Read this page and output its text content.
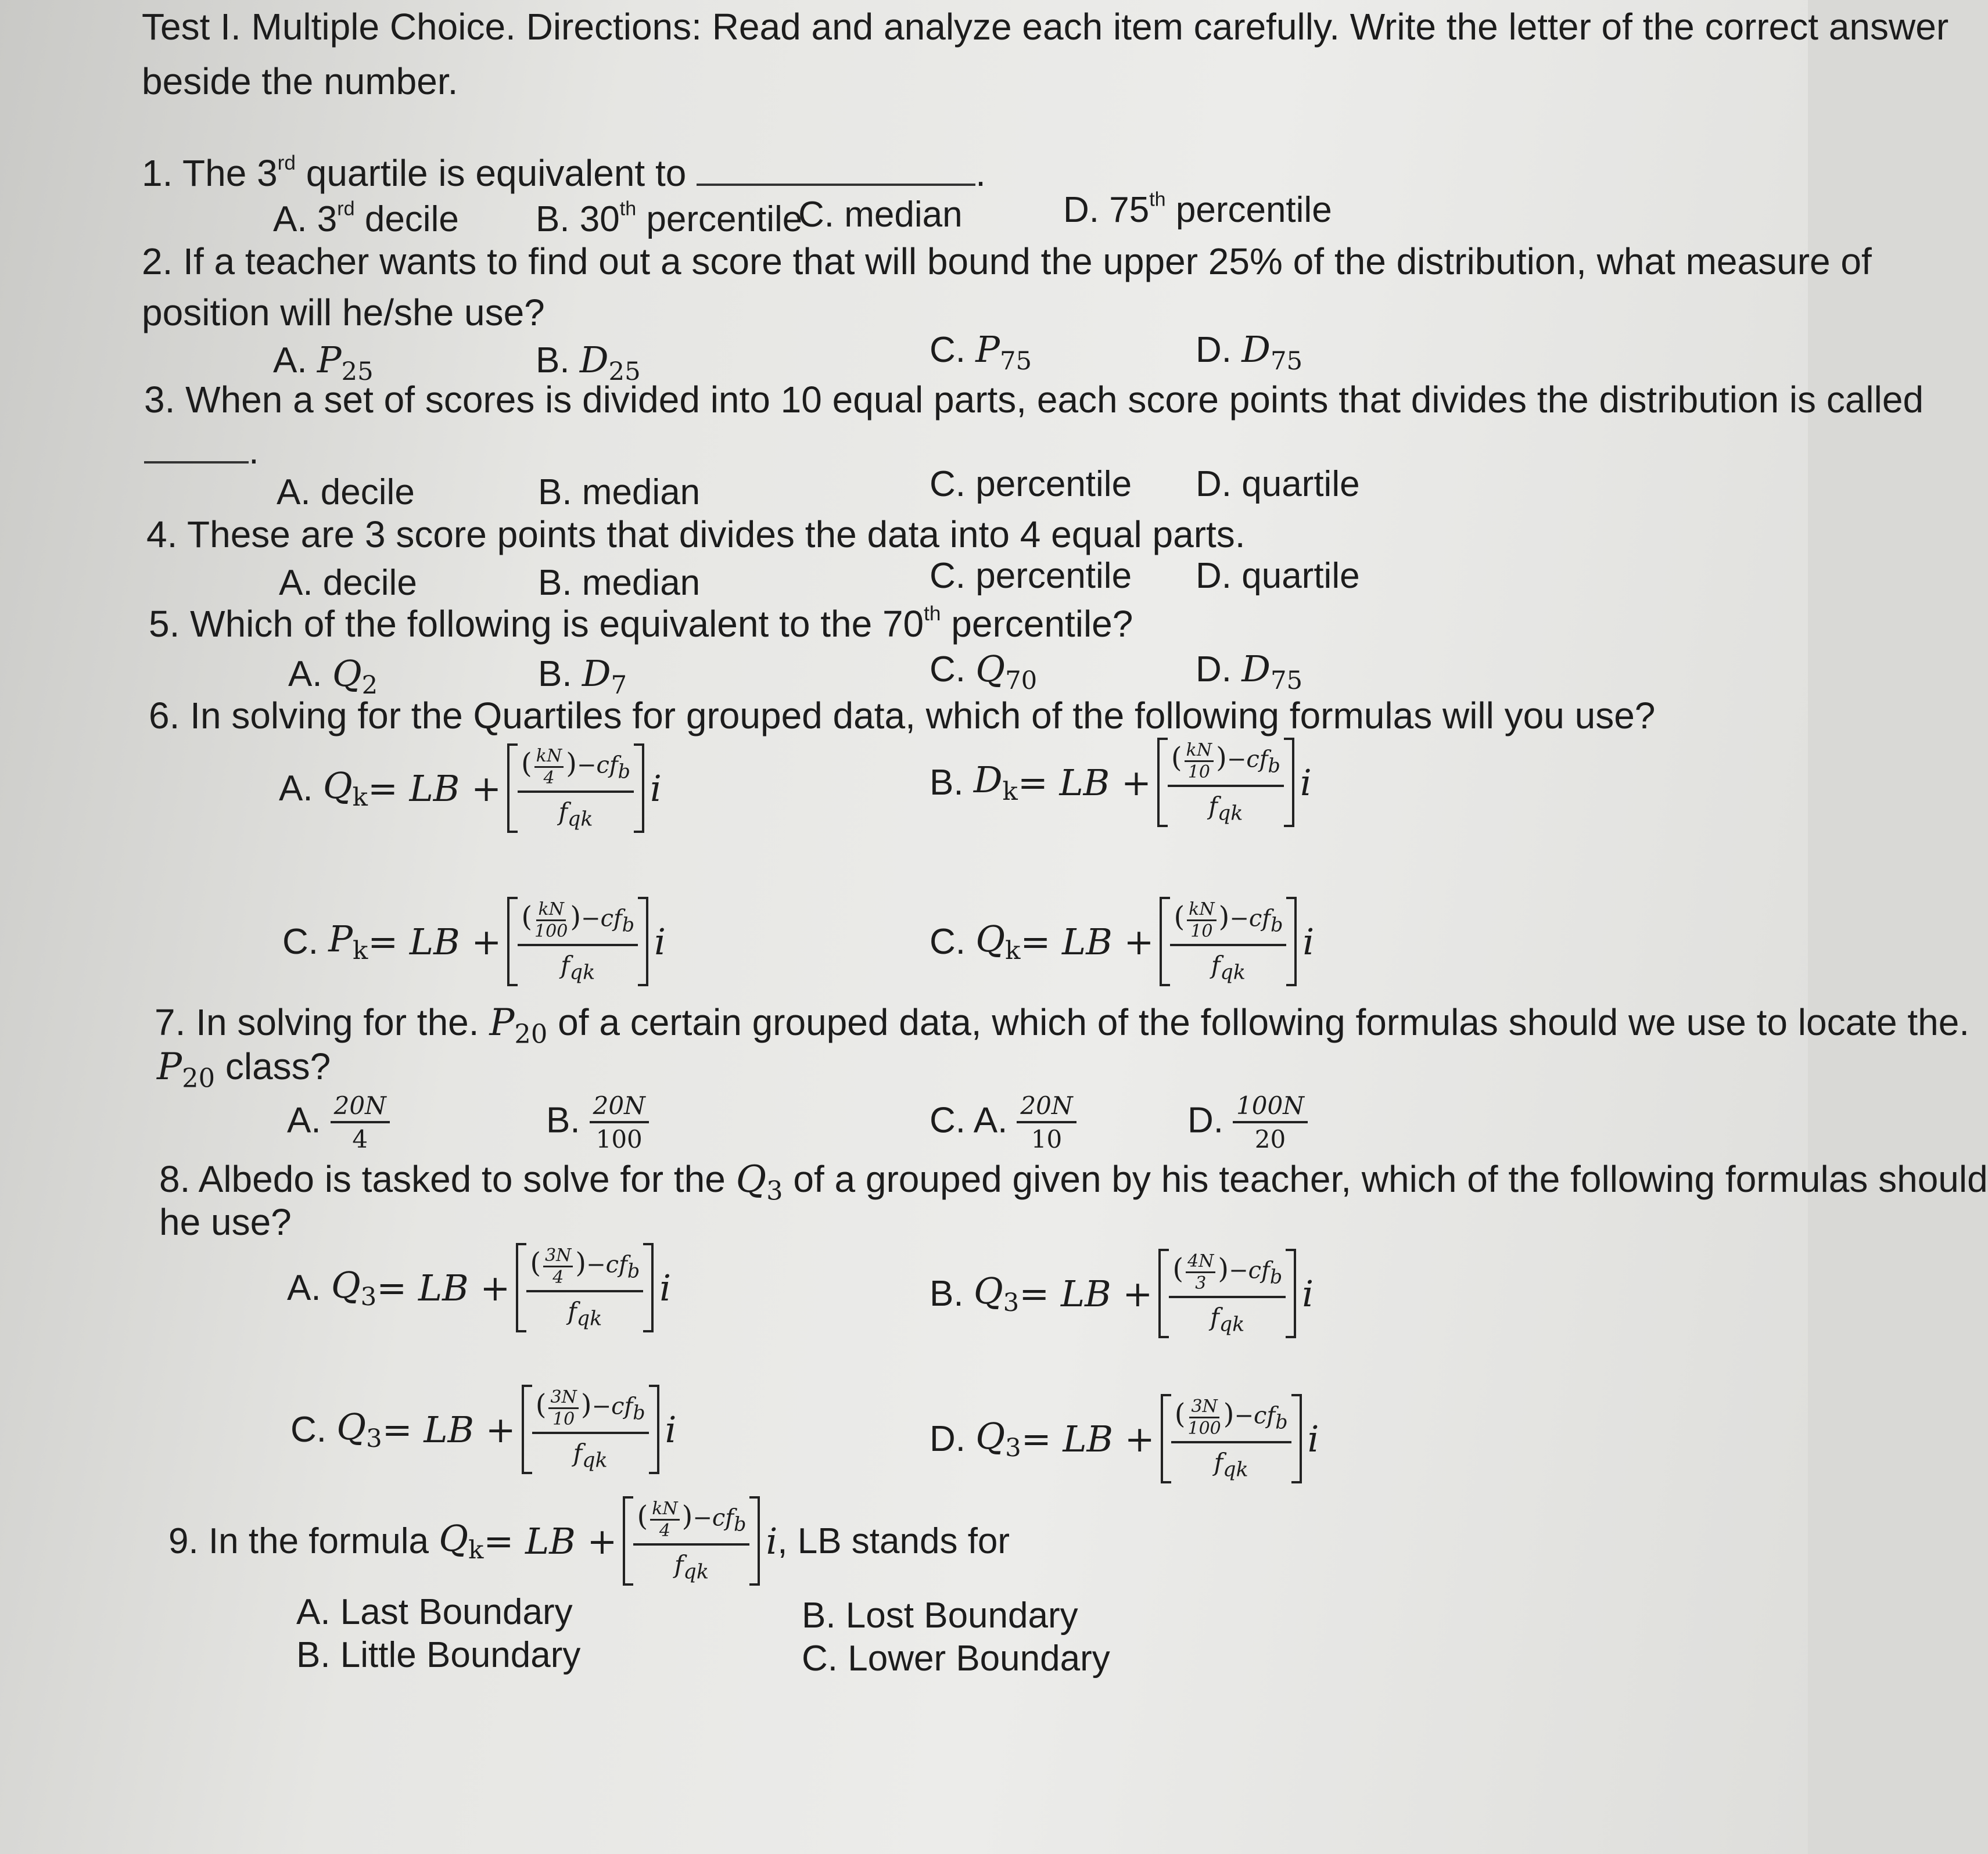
Test I. Multiple Choice. Directions: Read and analyze each item carefully. Write the letter of the correct answer
beside the number.
1. The 3rd quartile is equivalent to	.
A. 3rd decile B. 30th percentile
C. median	D. 75th percentile
2. If a teacher wants to find out a score that will bound the upper 25% of the distribution, what measure of
position will he/she use?
A. $P_{25}$	B. $D_{25}$
C. $P_{75}$	D. $D_{75}$
3. When a set of scores is divided into 10 equal parts, each score points that divides the distribution is called
.
A. decile	B. median	C. percentile D. quartile
4. These are 3 score points that divides the data into 4 equal parts.
A. decile	B. median	C. percentile D. quartile
5. Which of the following is equivalent to the 70th percentile?
A. $Q_2$	B. $D_7$	C. $Q_{70}$	D. $D_{75}$
6. In solving for the Quartiles for grouped data, which of the following formulas will you use?
A.
$Q_k$ = LB + $\frac{( \frac{kN}{4} )-cf_b}{f_{qk}}$ i	B.
$D_k$ = LB + $\frac{( \frac{kN}{10} )-cf_b}{f_{qk}}$ i
C.
$P_k$ = LB + $\frac{( \frac{kN}{100} )-cf_b}{f_{qk}}$ i	C.
$Q_k$ = LB + $\frac{( \frac{kN}{10} )-cf_b}{f_{qk}}$ i
7. In solving for the. $P_{20}$ of a certain grouped data, which of the following formulas should we use to locate the.
$P_{20}$ class?
A. $\frac{20N}{4}$	B. $\frac{20N}{100}$	C. A. $\frac{20N}{10}$	D. $\frac{100N}{20}$
8. Albedo is tasked to solve for the $Q_3$ of a grouped given by his teacher, which of the following formulas should
he use?
A.
$Q_3$ = LB + $\frac{( \frac{3N}{4} )-cf_b}{f_{qk}}$ i	B.
$Q_3$ = LB + $\frac{( \frac{4N}{3} )-cf_b}{f_{qk}}$ i
C.
$Q_3$ = LB + $\frac{( \frac{3N}{10} )-cf_b}{f_{qk}}$ i	D.
$Q_3$ = LB + $\frac{( \frac{3N}{100} )-cf_b}{f_{qk}}$ i
9. In the formula
$Q_k$ = LB + $\frac{( \frac{kN}{4} )-cf_b}{f_{qk}}$ i , LB stands for
A. Last Boundary	B. Lost Boundary
B. Little Boundary	C. Lower Boundary
